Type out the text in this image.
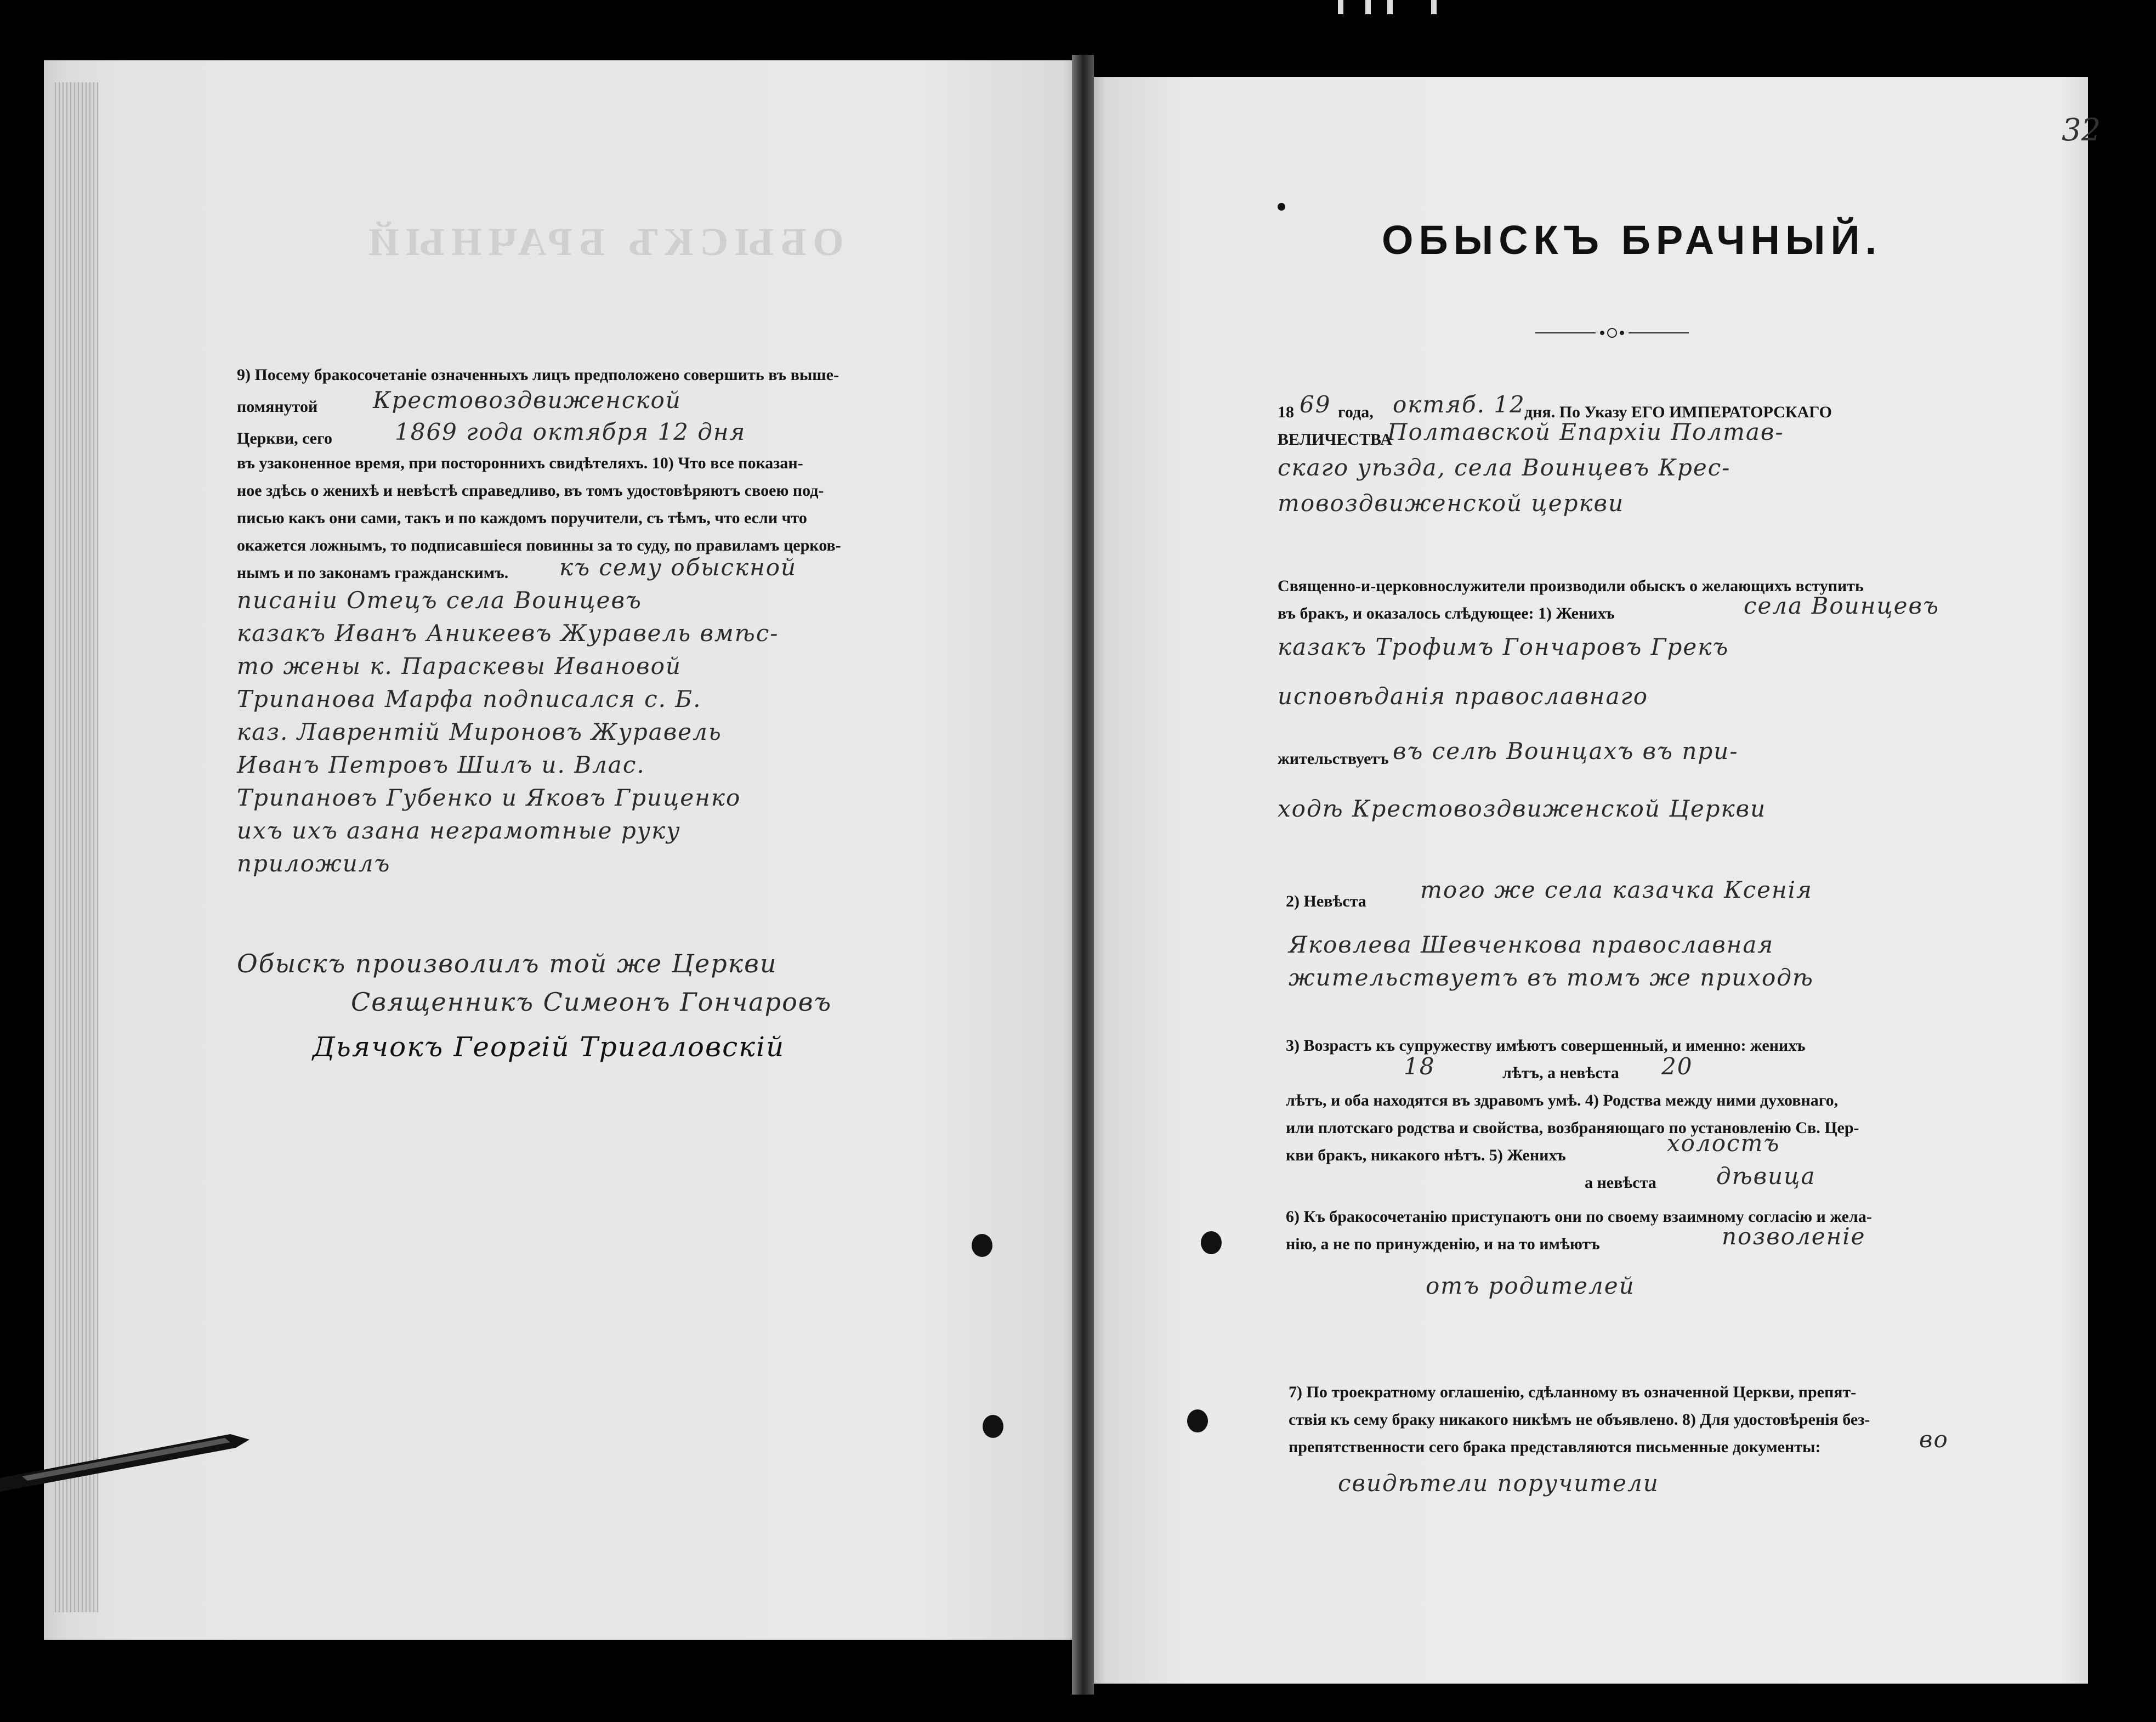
ОБЫСКЪ БРАЧНЫЙ
9) Посему бракосочетаніе означенныхъ лицъ предположено совершить въ выше-
помянутой Крестовоздвиженской
Церкви, сего	1869 года октября 12 дня
въ узаконенное время, при постороннихъ свидѣтеляхъ. 10) Что все показан-
ное здѣсь о женихѣ и невѣстѣ справедливо, въ томъ удостовѣряютъ своею под-
писью какъ они сами, такъ и по каждомъ поручители, съ тѣмъ, что если что
окажется ложнымъ, то подписавшіеся повинны за то суду, по правиламъ церков-
нымъ и по законамъ гражданскимъ. къ сему обыскной
писанiи Отецъ села Воинцевъ
казакъ Иванъ Аникеевъ Журавель вмѣс-
то жены к. Параскевы Ивановой
Трипанова Марфа подписался с. Б.
каз. Лаврентій Мироновъ Журавель
Иванъ Петровъ Шилъ и. Влас.
Трипановъ Губенко и Яковъ Гриценко
ихъ ихъ азана неграмотные руку
приложилъ
Обыскъ произволилъ той же Церкви
Священникъ Симеонъ Гончаровъ
Дьячокъ Георгій Тригаловскій
32
ОБЫСКЪ БРАЧНЫЙ.
18 69 года, октяб. 12
дня. По Указу ЕГО ИМПЕРАТОРСКАГО
ВЕЛИЧЕСТВА
Полтавской Епархiи Полтав-
скаго уѣзда, села Воинцевъ Крес-
товоздвиженской церкви
Священно-и-церковнослужители производили обыскъ о желающихъ вступить
въ бракъ, и оказалось слѣдующее: 1) Женихъ	села Воинцевъ
казакъ Трофимъ Гончаровъ Грекъ
исповѣданія православнаго
жительствуетъ въ селѣ Воинцахъ въ при-
ходѣ Крестовоздвиженской Церкви
2) Невѣста того же села казачка Ксенія
Яковлева Шевченкова православная
жительствуетъ въ томъ же приходѣ
3) Возрастъ къ супружеству имѣютъ совершенный, и именно: женихъ
18	лѣтъ, а невѣста 20
лѣтъ, и оба находятся въ здравомъ умѣ. 4) Родства между ними духовнаго,
или плотскаго родства и свойства, возбраняющаго по установленію Св. Цер-
кви бракъ, никакого нѣтъ. 5) Женихъ	холостъ
а невѣста	дѣвица
6) Къ бракосочетанію приступаютъ они по своему взаимному согласію и жела-
нію, а не по принужденію, и на то имѣютъ	позволеніе
отъ родителей
7) По троекратному оглашенію, сдѣланному въ означенной Церкви, препят-
ствія къ сему браку никакого никѣмъ не объявлено. 8) Для удостовѣренія без-
препятственности сего брака представляются письменные документы:	во
свидѣтели поручители
